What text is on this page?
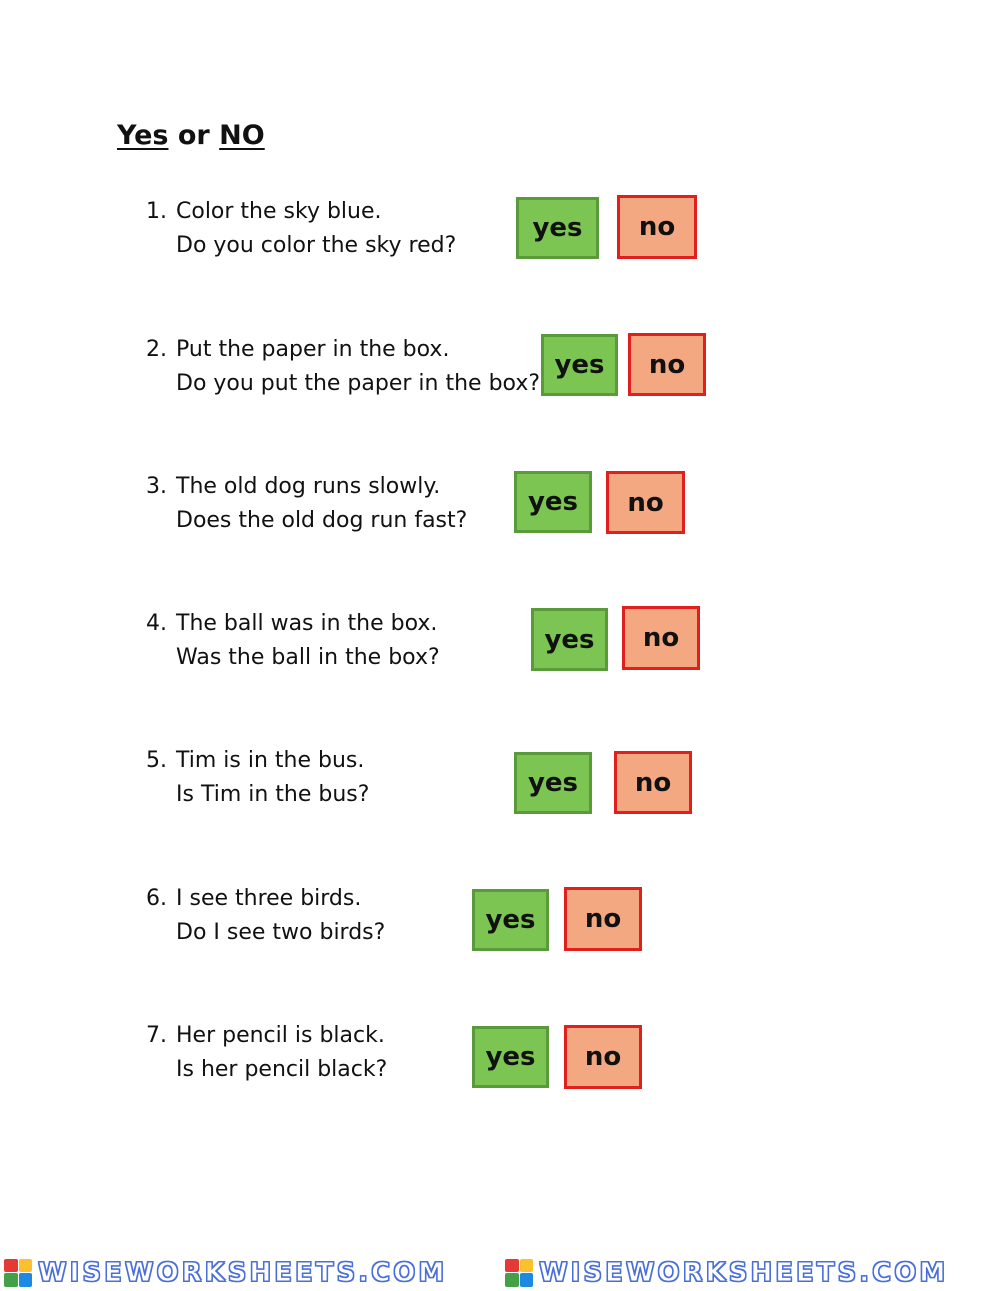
Yes or NO
1. Color the sky blue.
Do you color the sky red?
yes	no
2. Put the paper in the box.
Do you put the paper in the box?
yes	no
3. The old dog runs slowly.
Does the old dog run fast?
yes	no
4. The ball was in the box.
Was the ball in the box?
yes	no
5. Tim is in the bus.
Is Tim in the bus?	yes	no
6. I see three birds.
Do I see two birds?	yes	no
7. Her pencil is black.
Is her pencil black?	yes	no
WISEWORKSHEETS.COM	WISEWORKSHEETS.COM
